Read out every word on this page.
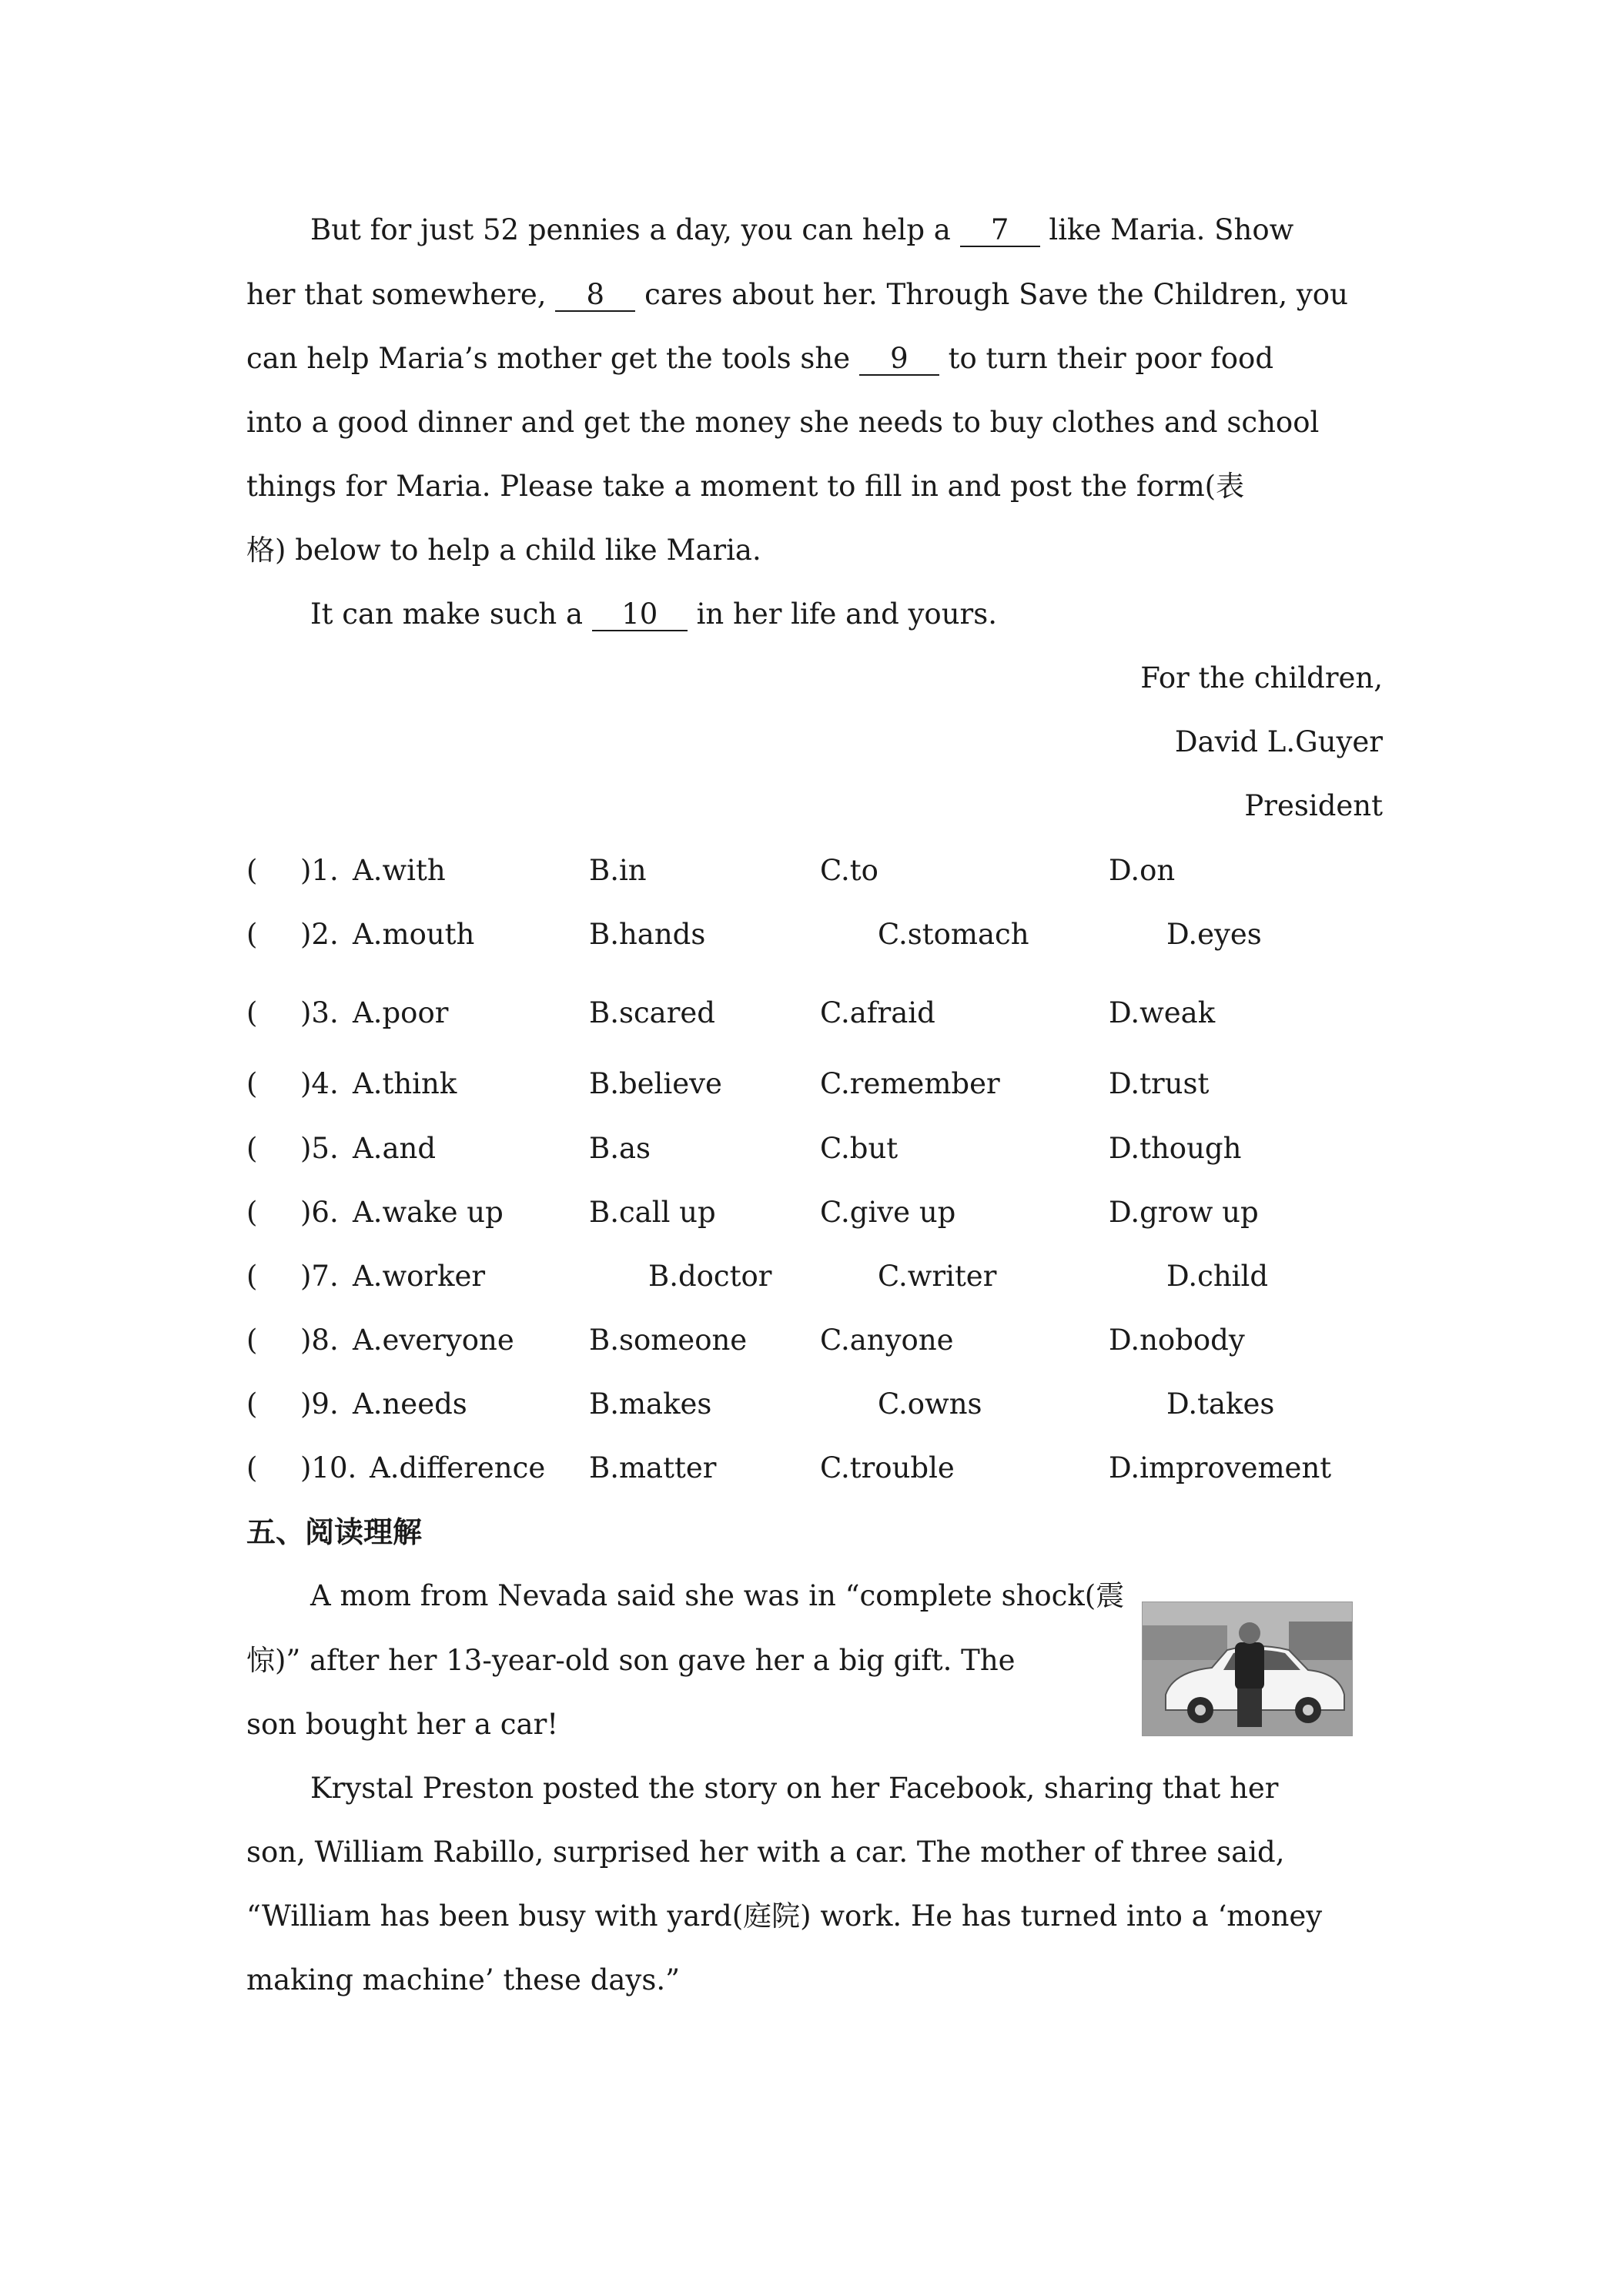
But for just 52 pennies a day, you can help a 7 like Maria. Show
her that somewhere, 8 cares about her. Through Save the Children, you
can help Maria’s mother get the tools she 9 to turn their poor food
into a good dinner and get the money she needs to buy clothes and school
things for Maria. Please take a moment to fill in and post the form(表
格) below to help a child like Maria.
It can make such a 10 in her life and yours.
For the children,
David L.Guyer
President
( )1. A.with	B.in	C.to	D.on
( )2. A.mouth	B.hands	C.stomach	D.eyes
( )3. A.poor	B.scared	C.afraid	D.weak
( )4. A.think	B.believe	C.remember	D.trust
( )5. A.and	B.as	C.but	D.though
( )6. A.wake up	B.call up	C.give up	D.grow up
( )7. A.worker	B.doctor	C.writer	D.child
( )8. A.everyone	B.someone	C.anyone	D.nobody
( )9. A.needs	B.makes	C.owns	D.takes
( )10. A.difference B.matter	C.trouble	D.improvement
五、阅读理解
A mom from Nevada said she was in “complete shock(震
惊)” after her 13-year-old son gave her a big gift. The
son bought her a car!
Krystal Preston posted the story on her Facebook, sharing that her
son, William Rabillo, surprised her with a car. The mother of three said,
“William has been busy with yard(庭院) work. He has turned into a ‘money
making machine’ these days.”
